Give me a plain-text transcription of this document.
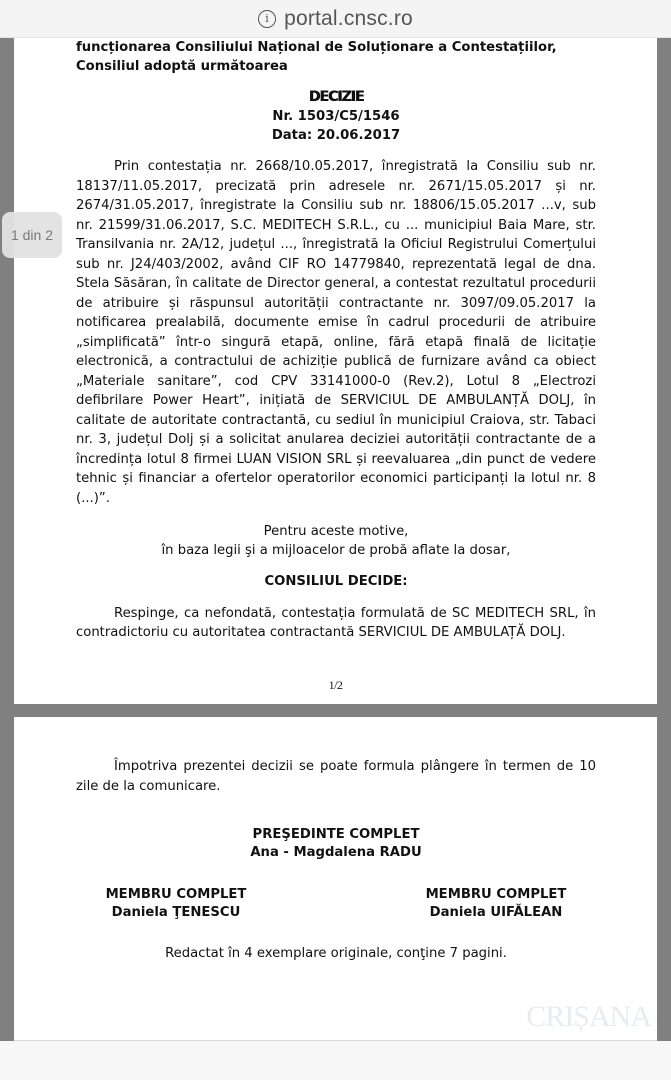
i portal.cnsc.ro
funcționarea Consiliului Național de Soluționare a Contestațiilor,
Consiliul adoptă următoarea
DECIZIE
Nr. 1503/C5/1546
Data: 20.06.2017
Prin contestația nr. 2668/10.05.2017, înregistrată la Consiliu sub nr. 18137/11.05.2017, precizată prin adresele nr. 2671/15.05.2017 și nr. 2674/31.05.2017, înregistrate la Consiliu sub nr. 18806/15.05.2017 ...v, sub nr. 21599/31.06.2017, S.C. MEDITECH S.R.L., cu ... municipiul Baia Mare, str. Transilvania nr. 2A/12, județul ..., înregistrată la Oficiul Registrului Comerțului sub nr. J24/403/2002, având CIF RO 14779840, reprezentată legal de dna. Stela Săsăran, în calitate de Director general, a contestat rezultatul procedurii de atribuire și răspunsul autorității contractante nr. 3097/09.05.2017 la notificarea prealabilă, documente emise în cadrul procedurii de atribuire „simplificată” într-o singură etapă, online, fără etapă finală de licitație electronică, a contractului de achiziție publică de furnizare având ca obiect „Materiale sanitare”, cod CPV 33141000-0 (Rev.2), Lotul 8 „Electrozi defibrilare Power Heart”, inițiată de SERVICIUL DE AMBULANȚĂ DOLJ, în calitate de autoritate contractantă, cu sediul în municipiul Craiova, str. Tabaci nr. 3, județul Dolj și a solicitat anularea deciziei autorității contractante de a încredința lotul 8 firmei LUAN VISION SRL și reevaluarea „din punct de vedere tehnic și financiar a ofertelor operatorilor economici participanți la lotul nr. 8 (...)”.
Pentru aceste motive,
în baza legii şi a mijloacelor de probă aflate la dosar,
CONSILIUL DECIDE:
Respinge, ca nefondată, contestația formulată de SC MEDITECH SRL, în contradictoriu cu autoritatea contractantă SERVICIUL DE AMBULAȚĂ DOLJ.
1/2
1 din 2
Împotriva prezentei decizii se poate formula plângere în termen de 10 zile de la comunicare.
PREŞEDINTE COMPLET
Ana - Magdalena RADU
MEMBRU COMPLET
Daniela ŢENESCU
MEMBRU COMPLET
Daniela UIFĂLEAN
Redactat în 4 exemplare originale, conţine 7 pagini.
CRIȘANA
